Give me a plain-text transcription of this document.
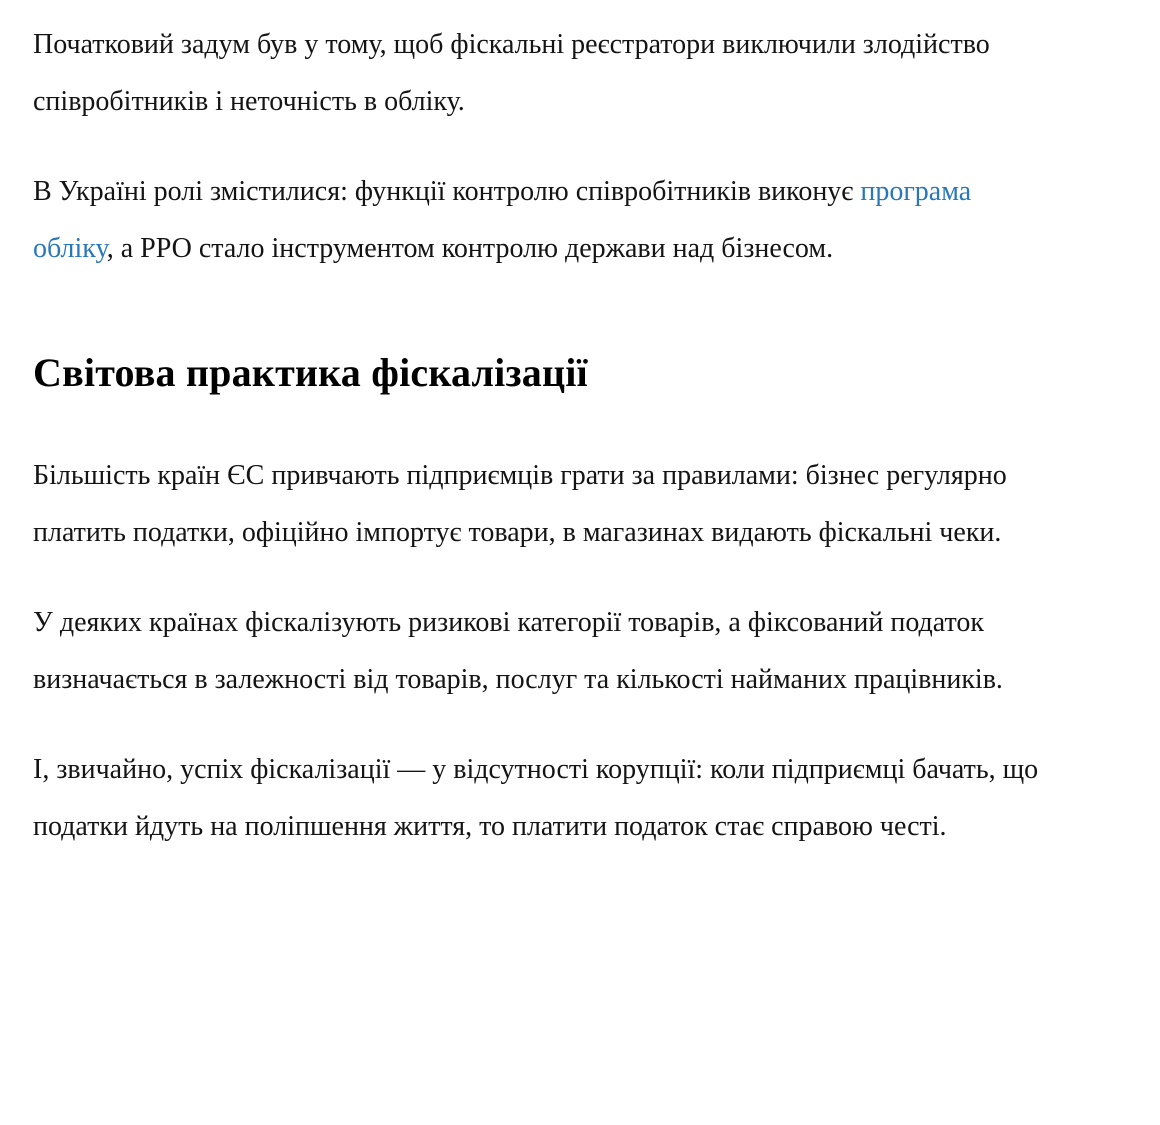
Початковий задум був у тому, щоб фіскальні реєстратори виключили злодійство співробітників і неточність в обліку.

В Україні ролі змістилися: функції контролю співробітників виконує програма обліку, а РРО стало інструментом контролю держави над бізнесом.

Світова практика фіскалізації

Більшість країн ЄС привчають підприємців грати за правилами: бізнес регулярно платить податки, офіційно імпортує товари, в магазинах видають фіскальні чеки.

У деяких країнах фіскалізують ризикові категорії товарів, а фіксований податок визначається в залежності від товарів, послуг та кількості найманих працівників.

І, звичайно, успіх фіскалізації — у відсутності корупції: коли підприємці бачать, що податки йдуть на поліпшення життя, то платити податок стає справою честі.
